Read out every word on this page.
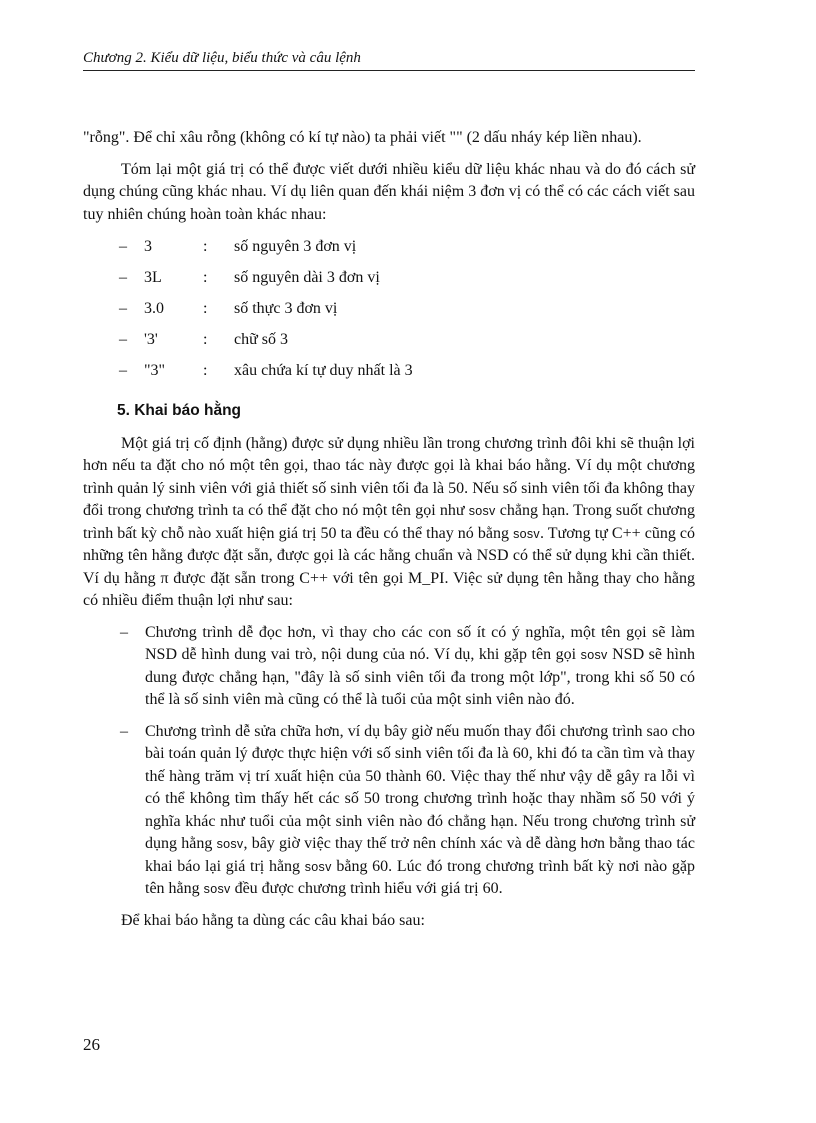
Chương 2. Kiểu dữ liệu, biểu thức và câu lệnh

"rỗng". Để chỉ xâu rỗng (không có kí tự nào) ta phải viết "" (2 dấu nháy kép liền nhau).

Tóm lại một giá trị có thể được viết dưới nhiều kiểu dữ liệu khác nhau và do đó cách sử dụng chúng cũng khác nhau. Ví dụ liên quan đến khái niệm 3 đơn vị có thể có các cách viết sau tuy nhiên chúng hoàn toàn khác nhau:

– 3	: số nguyên 3 đơn vị
– 3L	: số nguyên dài 3 đơn vị
– 3.0 : số thực 3 đơn vị
– '3'	: chữ số 3
– "3" : xâu chứa kí tự duy nhất là 3
5. Khai báo hằng

Một giá trị cố định (hằng) được sử dụng nhiều lần trong chương trình đôi khi sẽ thuận lợi hơn nếu ta đặt cho nó một tên gọi, thao tác này được gọi là khai báo hằng. Ví dụ một chương trình quản lý sinh viên với giả thiết số sinh viên tối đa là 50. Nếu số sinh viên tối đa không thay đổi trong chương trình ta có thể đặt cho nó một tên gọi như sosv chẳng hạn. Trong suốt chương trình bất kỳ chỗ nào xuất hiện giá trị 50 ta đều có thể thay nó bằng sosv. Tương tự C++ cũng có những tên hằng được đặt sẵn, được gọi là các hằng chuẩn và NSD có thể sử dụng khi cần thiết. Ví dụ hằng π được đặt sẵn trong C++ với tên gọi M_PI. Việc sử dụng tên hằng thay cho hằng có nhiều điểm thuận lợi như sau:

– Chương trình dễ đọc hơn, vì thay cho các con số ít có ý nghĩa, một tên gọi sẽ làm NSD dễ hình dung vai trò, nội dung của nó. Ví dụ, khi gặp tên gọi sosv NSD sẽ hình dung được chẳng hạn, "đây là số sinh viên tối đa trong một lớp", trong khi số 50 có thể là số sinh viên mà cũng có thể là tuổi của một sinh viên nào đó.
– Chương trình dễ sửa chữa hơn, ví dụ bây giờ nếu muốn thay đổi chương trình sao cho bài toán quản lý được thực hiện với số sinh viên tối đa là 60, khi đó ta cần tìm và thay thế hàng trăm vị trí xuất hiện của 50 thành 60. Việc thay thế như vậy dễ gây ra lỗi vì có thể không tìm thấy hết các số 50 trong chương trình hoặc thay nhầm số 50 với ý nghĩa khác như tuổi của một sinh viên nào đó chẳng hạn. Nếu trong chương trình sử dụng hằng sosv, bây giờ việc thay thế trở nên chính xác và dễ dàng hơn bằng thao tác khai báo lại giá trị hằng sosv bằng 60. Lúc đó trong chương trình bất kỳ nơi nào gặp tên hằng sosv đều được chương trình hiểu với giá trị 60.

Để khai báo hằng ta dùng các câu khai báo sau:

26
